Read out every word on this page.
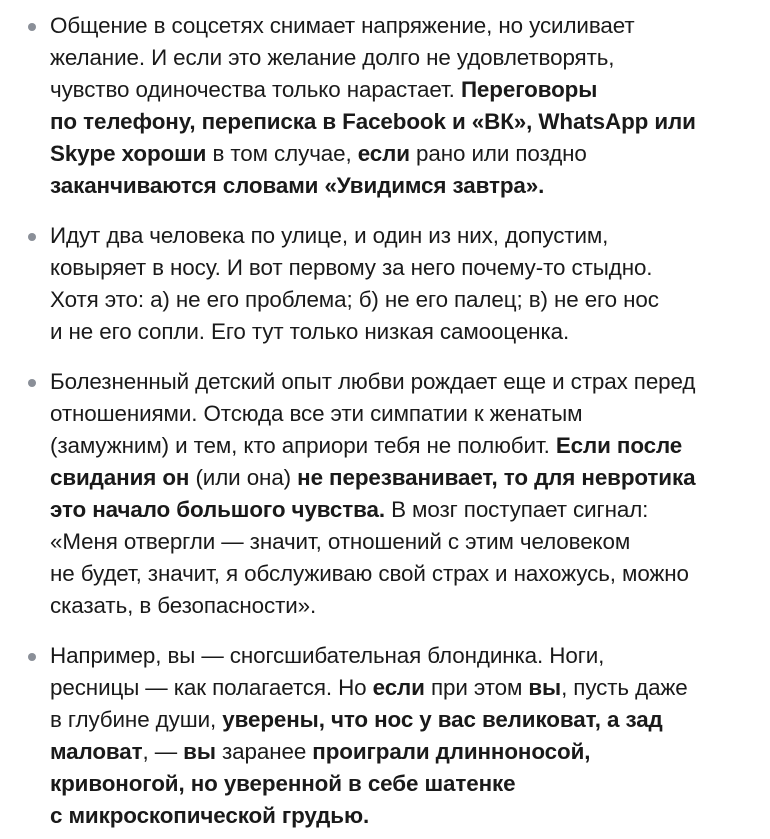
Общение в соцсетях снимает напряжение, но усиливает
желание. И если это желание долго не удовлетворять,
чувство одиночества только нарастает. Переговоры
по телефону, переписка в Facebook и «ВК», WhatsApp или
Skype хороши в том случае, если рано или поздно
заканчиваются словами «Увидимся завтра».
Идут два человека по улице, и один из них, допустим,
ковыряет в носу. И вот первому за него почему-то стыдно.
Хотя это: а) не его проблема; б) не его палец; в) не его нос
и не его сопли. Его тут только низкая самооценка.
Болезненный детский опыт любви рождает еще и страх перед
отношениями. Отсюда все эти симпатии к женатым
(замужним) и тем, кто априори тебя не полюбит. Если после
свидания он (или она) не перезванивает, то для невротика
это начало большого чувства. В мозг поступает сигнал:
«Меня отвергли — значит, отношений с этим человеком
не будет, значит, я обслуживаю свой страх и нахожусь, можно
сказать, в безопасности».
Например, вы — сногсшибательная блондинка. Ноги,
ресницы — как полагается. Но если при этом вы, пусть даже
в глубине души, уверены, что нос у вас великоват, а зад
маловат, — вы заранее проиграли длинноносой,
кривоногой, но уверенной в себе шатенке
с микроскопической грудью.
